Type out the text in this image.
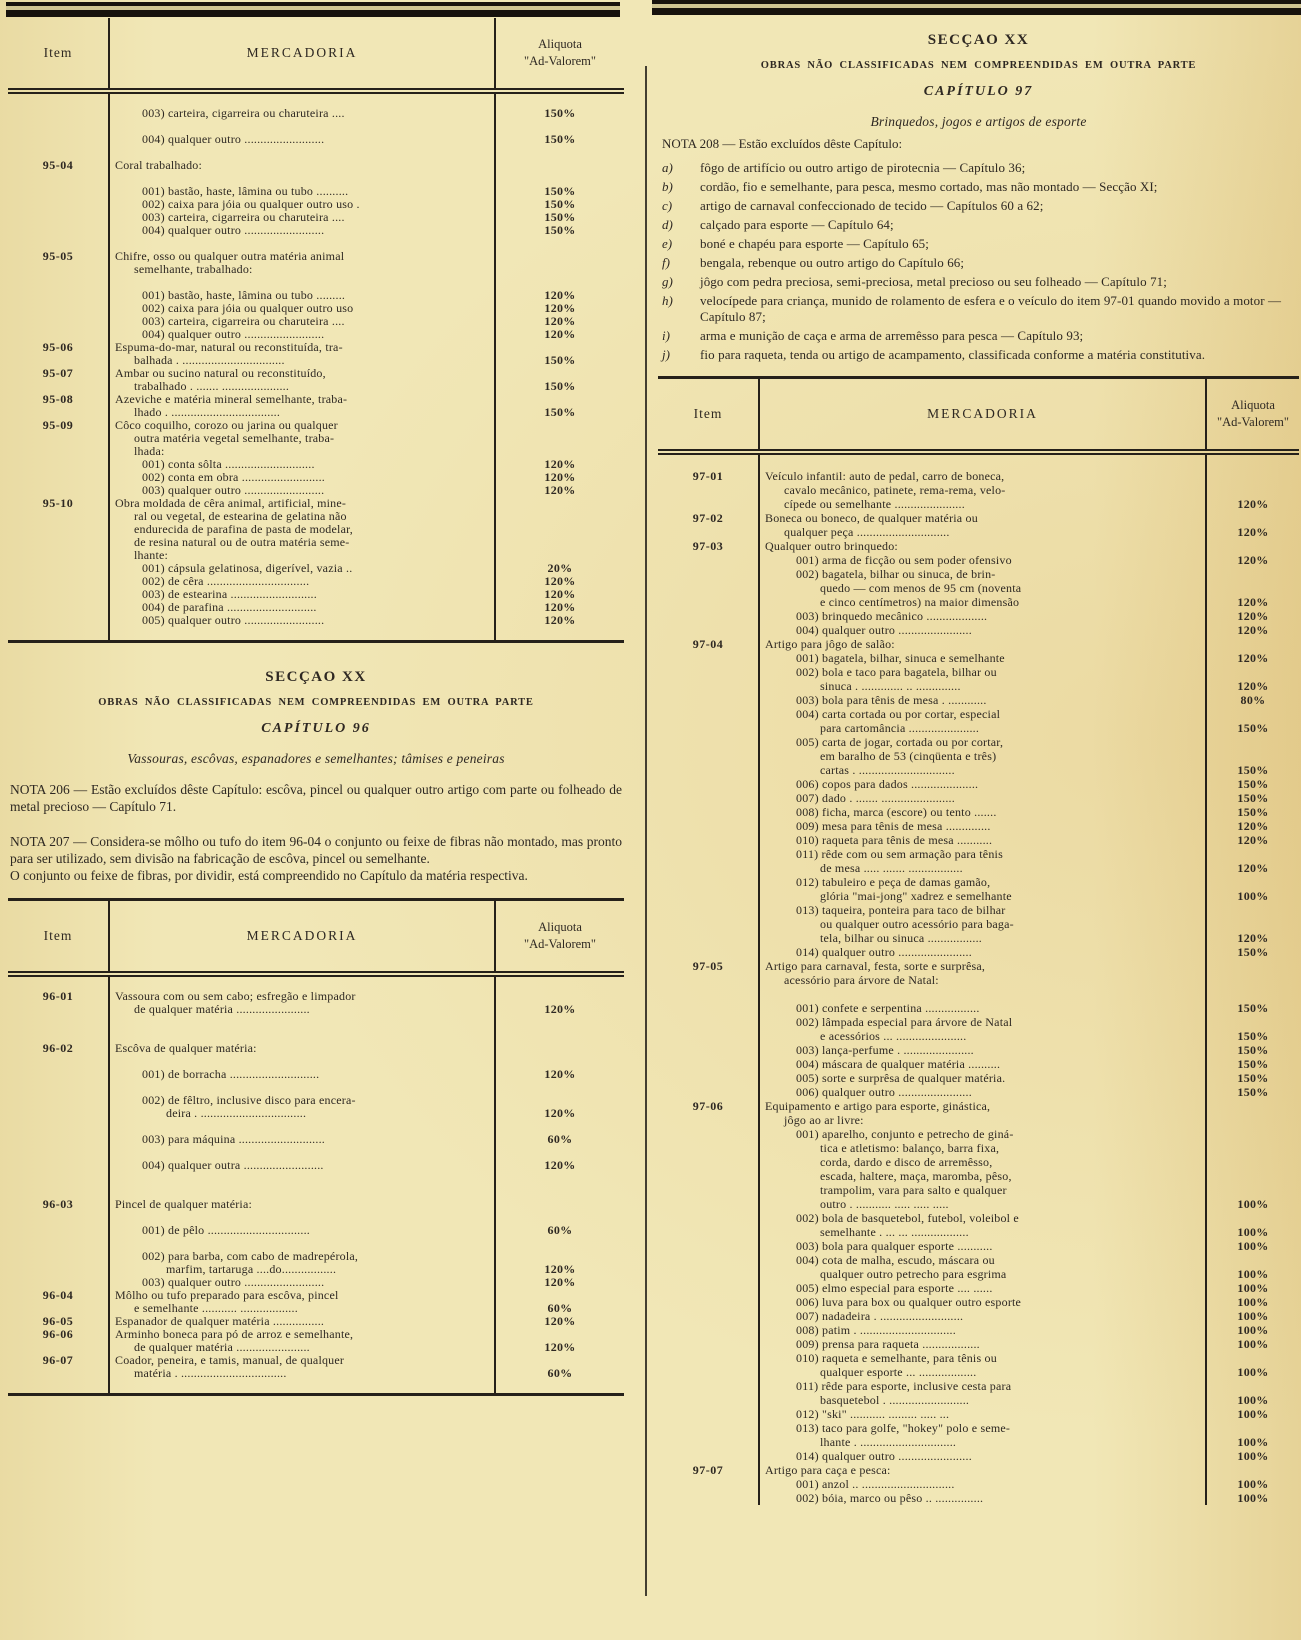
Item	MERCADORIA
Aliquota
"Ad-Valorem"

003) carteira, cigarreira ou charuteira ....	150%

004) qualquer outro .........................	150%

95-04	Coral trabalhado:

001) bastão, haste, lâmina ou tubo ..........	150%

002) caixa para jóia ou qualquer outro uso .	150%

003) carteira, cigarreira ou charuteira ....	150%

004) qualquer outro .........................	150%

95-05	Chifre, osso ou qualquer outra matéria animal

semelhante, trabalhado:

001) bastão, haste, lâmina ou tubo .........	120%

002) caixa para jóia ou qualquer outro uso	120%

003) carteira, cigarreira ou charuteira ....	120%

004) qualquer outro .........................	120%
95-06	Espuma-do-mar, natural ou reconstituída, tra-

balhada . ................................	150%
95-07	Ambar ou sucino natural ou reconstituído,

trabalhado . ....... .....................	150%
95-08	Azeviche e matéria mineral semelhante, traba-

lhado . ..................................	150%
95-09	Côco coquilho, corozo ou jarina ou qualquer

outra matéria vegetal semelhante, traba-

lhada:

001) conta sôlta ............................	120%

002) conta em obra ..........................	120%

003) qualquer outro .........................	120%
95-10	Obra moldada de cêra animal, artificial, mine-

ral ou vegetal, de estearina de gelatina não

endurecida de parafina de pasta de modelar,

de resina natural ou de outra matéria seme-

lhante:

001) cápsula gelatinosa, digerível, vazia ..	20%

002) de cêra ................................	120%

003) de estearina ...........................	120%

004) de parafina ............................	120%

005) qualquer outro .........................	120%

SECÇAO XX
OBRAS NÃO CLASSIFICADAS NEM COMPREENDIDAS EM OUTRA PARTE
CAPÍTULO 96
Vassouras, escôvas, espanadores e semelhantes; tâmises e peneiras

NOTA 206 — Estão excluídos dêste Capítulo: escôva, pincel ou qualquer outro artigo com parte ou folheado de metal precioso — Capítulo 71.

NOTA 207 — Considera-se môlho ou tufo do item 96-04 o conjunto ou feixe de fibras não montado, mas pronto para ser utilizado, sem divisão na fabricação de escôva, pincel ou semelhante.

O conjunto ou feixe de fibras, por dividir, está compreendido no Capítulo da matéria respectiva.

Item	MERCADORIA
Aliquota
"Ad-Valorem"

96-01	Vassoura com ou sem cabo; esfregão e limpador

de qualquer matéria .......................	120%

96-02	Escôva de qualquer matéria:

001) de borracha ............................	120%

002) de fêltro, inclusive disco para encera-

deira . .................................	120%

003) para máquina ...........................	60%

004) qualquer outra .........................	120%

96-03	Pincel de qualquer matéria:

001) de pêlo ................................	60%

002) para barba, com cabo de madrepérola,

marfim, tartaruga ....do.................	120%

003) qualquer outro .........................	120%
96-04	Môlho ou tufo preparado para escôva, pincel

e semelhante ........... ..................	60%
96-05	Espanador de qualquer matéria ................	120%
96-06	Arminho boneca para pó de arroz e semelhante,

de qualquer matéria .......................	120%
96-07	Coador, peneira, e tamis, manual, de qualquer

matéria . .................................	60%

SECÇAO XX
OBRAS NÃO CLASSIFICADAS NEM COMPREENDIDAS EM OUTRA PARTE
CAPÍTULO 97
Brinquedos, jogos e artigos de esporte
NOTA 208 — Estão excluídos dêste Capítulo:
a)	fôgo de artifício ou outro artigo de pirotecnia — Capítulo 36;
b)	cordão, fio e semelhante, para pesca, mesmo cortado, mas não montado — Secção XI;
c)	artigo de carnaval confeccionado de tecido — Capítulos 60 a 62;
d)	calçado para esporte — Capítulo 64;
e)	boné e chapéu para esporte — Capítulo 65;
f)	bengala, rebenque ou outro artigo do Capítulo 66;
g)	jôgo com pedra preciosa, semi-preciosa, metal precioso ou seu folheado — Capítulo 71;
h)	velocípede para criança, munido de rolamento de esfera e o veículo do item 97-01 quando movido a motor — Capítulo 87;
i)	arma e munição de caça e arma de arremêsso para pesca — Capítulo 93;
j)	fio para raqueta, tenda ou artigo de acampamento, classificada conforme a matéria constitutiva.
Item	MERCADORIA
Aliquota
"Ad-Valorem"

97-01	Veículo infantil: auto de pedal, carro de boneca,

cavalo mecânico, patinete, rema-rema, velo-

cípede ou semelhante ......................	120%
97-02	Boneca ou boneco, de qualquer matéria ou

qualquer peça .............................	120%
97-03	Qualquer outro brinquedo:

001) arma de ficção ou sem poder ofensivo	120%

002) bagatela, bilhar ou sinuca, de brin-

quedo — com menos de 95 cm (noventa

e cinco centímetros) na maior dimensão	120%

003) brinquedo mecânico ...................	120%

004) qualquer outro .......................	120%
97-04	Artigo para jôgo de salão:

001) bagatela, bilhar, sinuca e semelhante	120%

002) bola e taco para bagatela, bilhar ou

sinuca . ............. .. ..............	120%

003) bola para tênis de mesa . ............	80%

004) carta cortada ou por cortar, especial

para cartomância ......................	150%

005) carta de jogar, cortada ou por cortar,

em baralho de 53 (cinqüenta e três)

cartas . ..............................	150%

006) copos para dados .....................	150%

007) dado . ....... .......................	150%

008) ficha, marca (escore) ou tento .......	150%

009) mesa para tênis de mesa ..............	120%

010) raqueta para tênis de mesa ...........	120%

011) rêde com ou sem armação para tênis

de mesa ..... ....... .................	120%

012) tabuleiro e peça de damas gamão,

glória "mai-jong" xadrez e semelhante	100%

013) taqueira, ponteira para taco de bilhar

ou qualquer outro acessório para baga-

tela, bilhar ou sinuca .................	120%

014) qualquer outro .......................	150%
97-05	Artigo para carnaval, festa, sorte e surprêsa,

acessório para árvore de Natal:

001) confete e serpentina .................	150%

002) lâmpada especial para árvore de Natal

e acessórios ... ......................	150%

003) lança-perfume . ......................	150%

004) máscara de qualquer matéria ..........	150%

005) sorte e surprêsa de qualquer matéria.	150%

006) qualquer outro .......................	150%
97-06	Equipamento e artigo para esporte, ginástica,

jôgo ao ar livre:

001) aparelho, conjunto e petrecho de giná-

tica e atletismo: balanço, barra fixa,

corda, dardo e disco de arremêsso,

escada, haltere, maça, maromba, pêso,

trampolim, vara para salto e qualquer

outro . ........... ..... ..... .....	100%

002) bola de basquetebol, futebol, voleibol e

semelhante . ... ... ..................	100%

003) bola para qualquer esporte ...........	100%

004) cota de malha, escudo, máscara ou

qualquer outro petrecho para esgrima	100%

005) elmo especial para esporte .... ......	100%

006) luva para box ou qualquer outro esporte	100%

007) nadadeira . ..........................	100%

008) patim . ..............................	100%

009) prensa para raqueta ..................	100%

010) raqueta e semelhante, para tênis ou

qualquer esporte ... ..................	100%

011) rêde para esporte, inclusive cesta para

basquetebol . .........................	100%

012) "ski" ........... ......... ..... ...	100%

013) taco para golfe, "hokey" polo e seme-

lhante . ..............................	100%

014) qualquer outro .......................	100%
97-07	Artigo para caça e pesca:

001) anzol .. .............................	100%

002) bóia, marco ou pêso .. ...............	100%
